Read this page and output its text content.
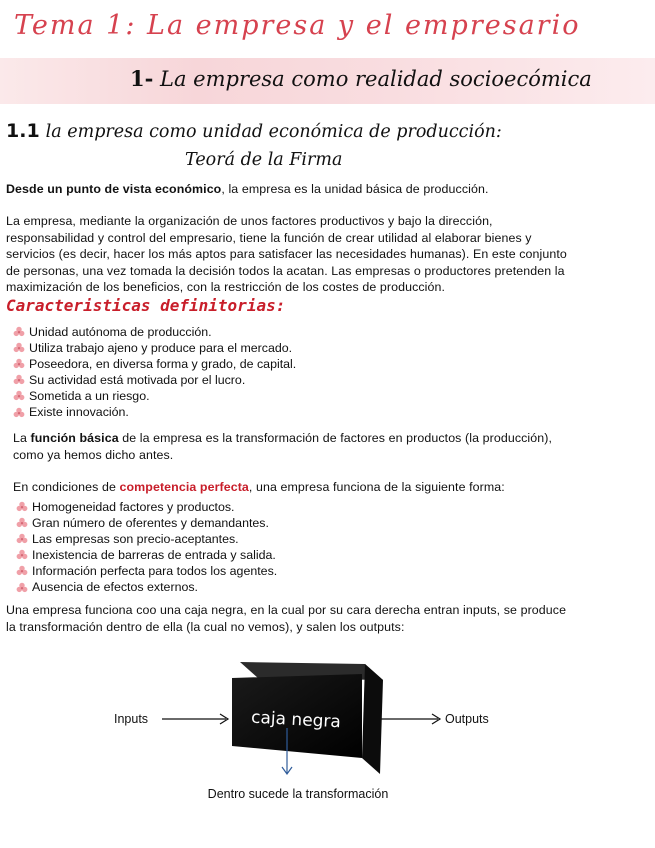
Tema 1: La empresa y el empresario
1- La empresa como realidad socioecómica
1.1 la empresa como unidad económica de producción:
Teorá de la Firma

Desde un punto de vista económico, la empresa es la unidad básica de producción.

La empresa, mediante la organización de unos factores productivos y bajo la dirección,
responsabilidad y control del empresario, tiene la función de crear utilidad al elaborar bienes y
servicios (es decir, hacer los más aptos para satisfacer las necesidades humanas). En este conjunto
de personas, una vez tomada la decisión todos la acatan. Las empresas o productores pretenden la
maximización de los beneficios, con la restricción de los costes de producción.
Caracteristicas definitorias:
Unidad autónoma de producción.
Utiliza trabajo ajeno y produce para el mercado.
Poseedora, en diversa forma y grado, de capital.
Su actividad está motivada por el lucro.
Sometida a un riesgo.
Existe innovación.
La función básica de la empresa es la transformación de factores en productos (la producción),
como ya hemos dicho antes.

En condiciones de competencia perfecta, una empresa funciona de la siguiente forma:

Homogeneidad factores y productos.
Gran número de oferentes y demandantes.
Las empresas son precio-aceptantes.
Inexistencia de barreras de entrada y salida.
Información perfecta para todos los agentes.
Ausencia de efectos externos.
Una empresa funciona coo una caja negra, en la cual por su cara derecha entran inputs, se produce
la transformación dentro de ella (la cual no vemos), y salen los outputs:
caja negra
Inputs	Outputs
Dentro sucede la transformación
